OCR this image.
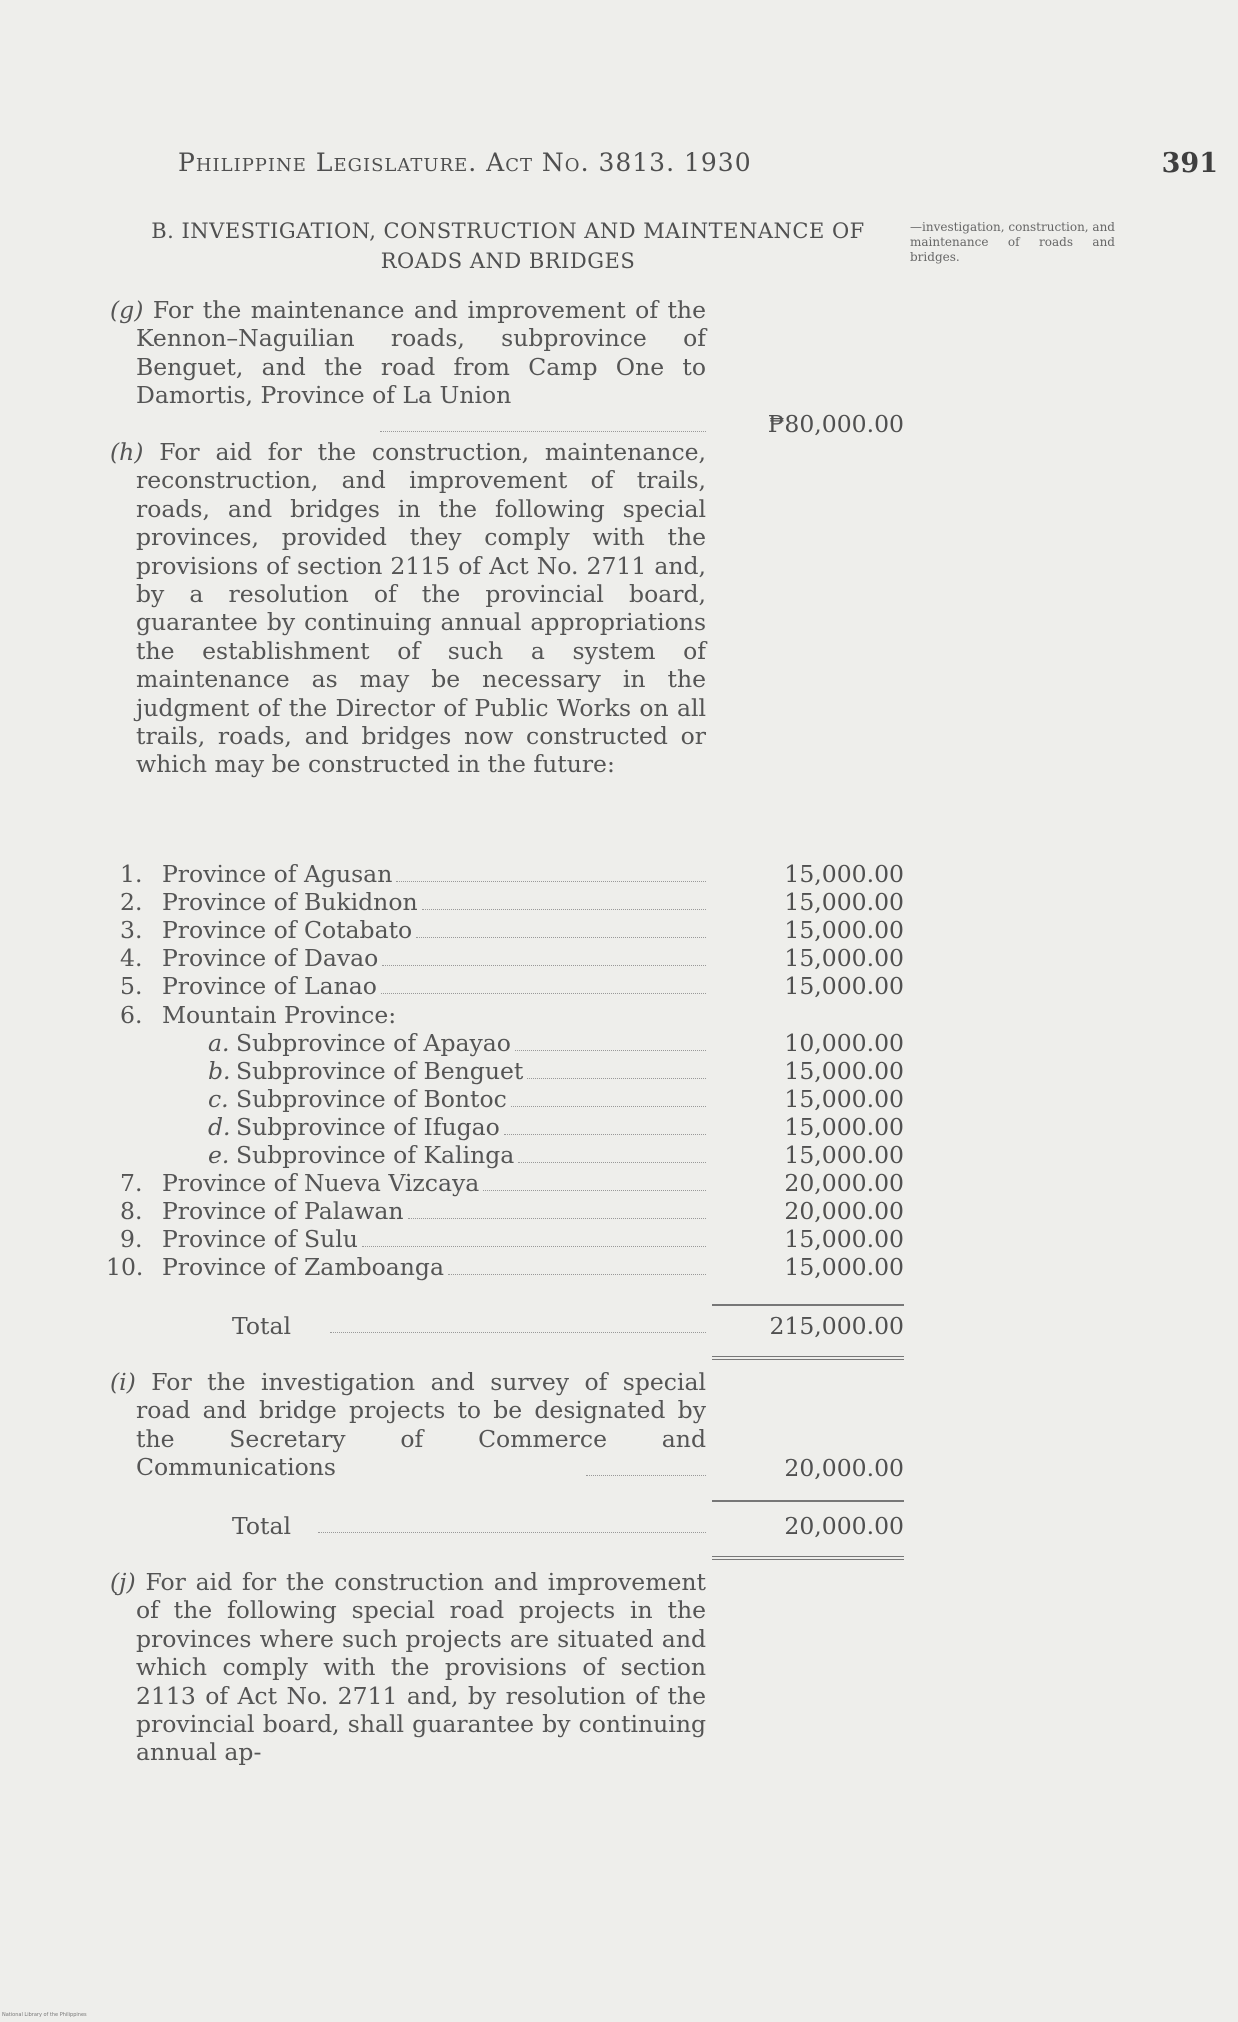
Philippine Legislature. Act No. 3813. 1930	391
B. INVESTIGATION, CONSTRUCTION AND MAINTENANCE OF
ROADS AND BRIDGES
—investigation, construction, and maintenance of roads and bridges.
(g) For the maintenance and improvement of the Kennon–Naguilian roads, subprovince of Benguet, and the road from Camp One to Damortis, Province of La Union
₱80,000.00
(h) For aid for the construction, maintenance, reconstruction, and improvement of trails, roads, and bridges in the following special provinces, provided they comply with the provisions of section 2115 of Act No. 2711 and, by a resolution of the provincial board, guarantee by continuing annual appropriations the establishment of such a system of maintenance as may be necessary in the judgment of the Director of Public Works on all trails, roads, and bridges now constructed or which may be constructed in the future:
1. Province of Agusan	15,000.00
2. Province of Bukidnon	15,000.00
3. Province of Cotabato	15,000.00
4. Province of Davao	15,000.00
5. Province of Lanao	15,000.00
6. Mountain Province:
a. Subprovince of Apayao	10,000.00
b. Subprovince of Benguet	15,000.00
c. Subprovince of Bontoc	15,000.00
d. Subprovince of Ifugao	15,000.00
e. Subprovince of Kalinga	15,000.00
7. Province of Nueva Vizcaya	20,000.00
8. Province of Palawan	20,000.00
9. Province of Sulu	15,000.00
10. Province of Zamboanga	15,000.00
Total	215,000.00
(i) For the investigation and survey of special road and bridge projects to be designated by the Secretary of Commerce and Communications	20,000.00
Total	20,000.00
(j) For aid for the construction and improvement of the following special road projects in the provinces where such projects are situated and which comply with the provisions of section 2113 of Act No. 2711 and, by resolution of the provincial board, shall guarantee by continuing annual ap-
National Library of the Philippines
